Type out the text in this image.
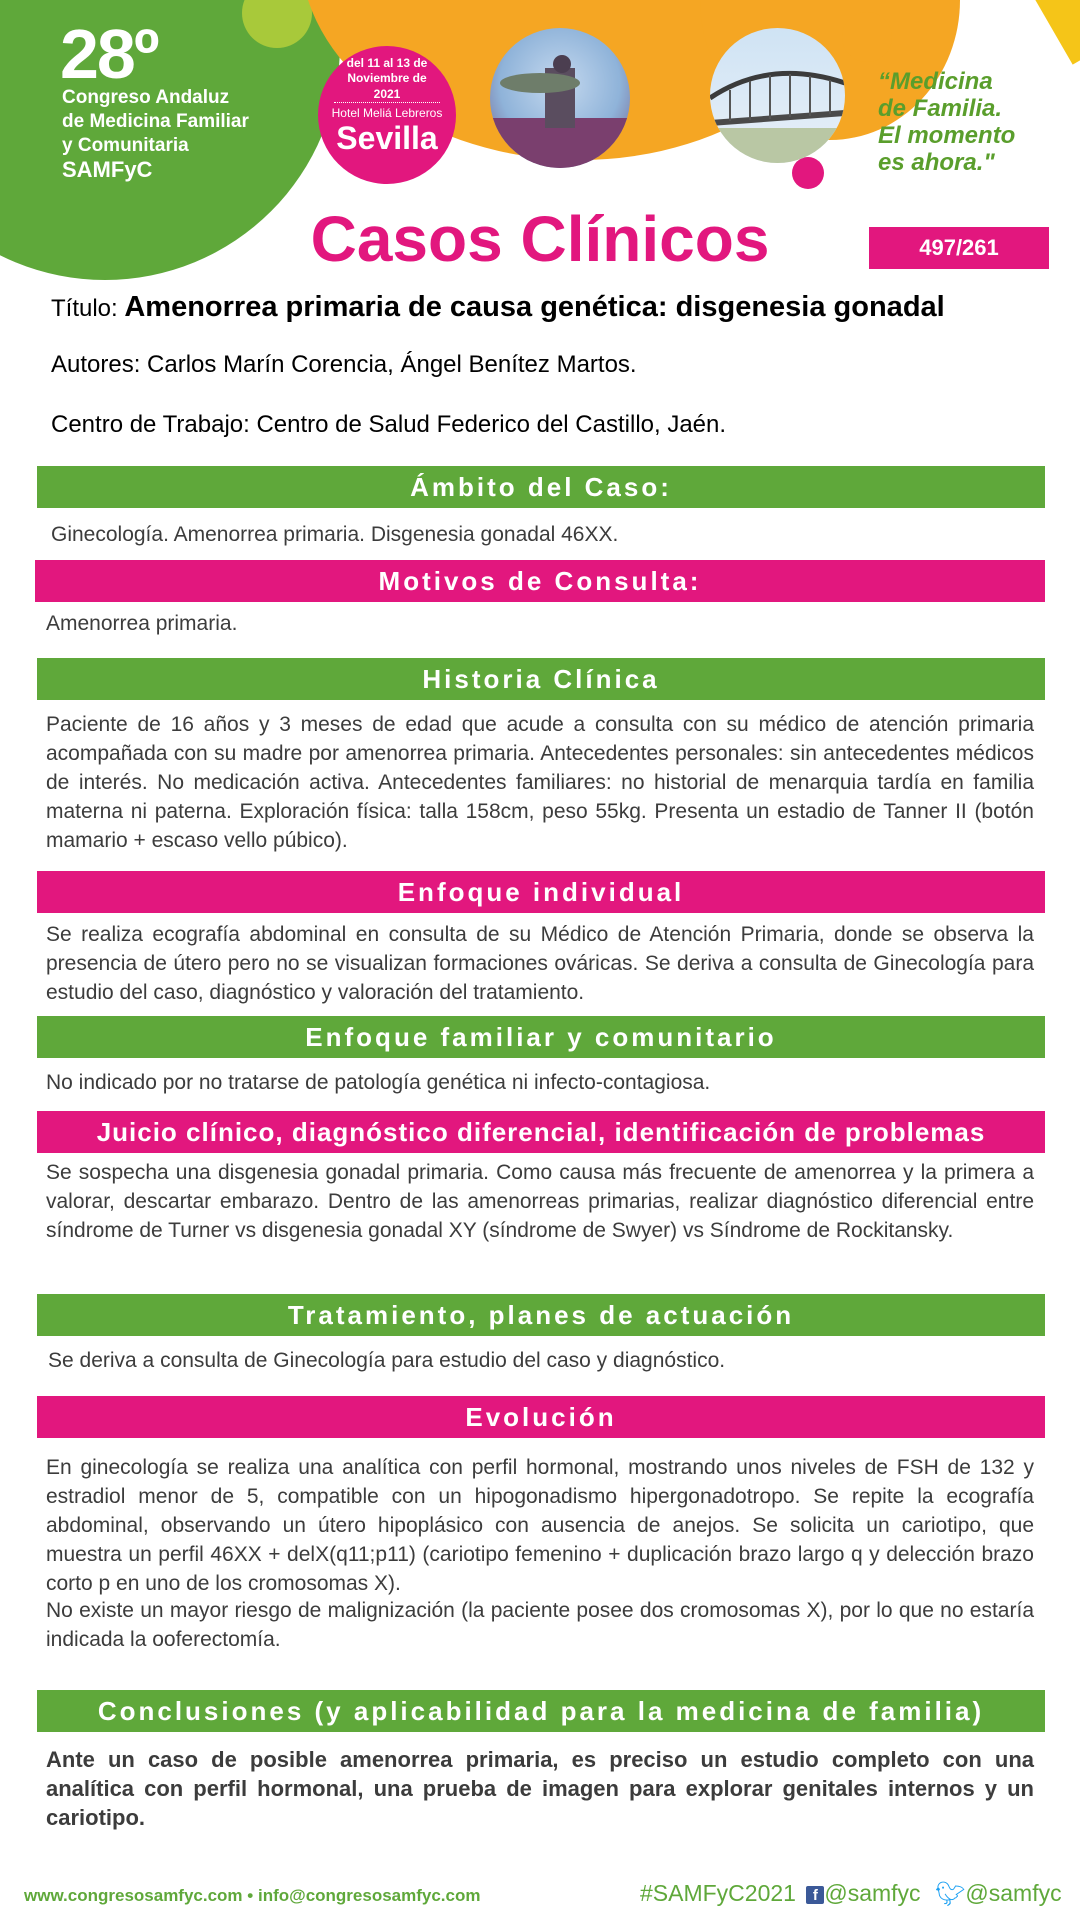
28º
Congreso Andaluz
de Medicina Familiar
y Comunitaria
SAMFyC
del 11 al 13 de
Noviembre de 2021
Hotel Meliá Lebreros
Sevilla
“Medicina
de Familia.
El momento
es ahora."
Casos Clínicos	497/261
Título: Amenorrea primaria de causa genética: disgenesia gonadal
Autores: Carlos Marín Corencia, Ángel Benítez Martos.
Centro de Trabajo: Centro de Salud Federico del Castillo, Jaén.
Ámbito del Caso:
Ginecología. Amenorrea primaria. Disgenesia gonadal 46XX.
Motivos de Consulta:
Amenorrea primaria.
Historia Clínica
Paciente de 16 años y 3 meses de edad que acude a consulta con su médico de atención primaria acompañada con su madre por amenorrea primaria. Antecedentes personales: sin antecedentes médicos de interés. No medicación activa. Antecedentes familiares: no historial de menarquia tardía en familia materna ni paterna. Exploración física: talla 158cm, peso 55kg. Presenta un estadio de Tanner II (botón mamario + escaso vello púbico).
Enfoque individual
Se realiza ecografía abdominal en consulta de su Médico de Atención Primaria, donde se observa la presencia de útero pero no se visualizan formaciones ováricas. Se deriva a consulta de Ginecología para estudio del caso, diagnóstico y valoración del tratamiento.
Enfoque familiar y comunitario
No indicado por no tratarse de patología genética ni infecto-contagiosa.
Juicio clínico, diagnóstico diferencial, identificación de problemas
Se sospecha una disgenesia gonadal primaria. Como causa más frecuente de amenorrea y la primera a valorar, descartar embarazo. Dentro de las amenorreas primarias, realizar diagnóstico diferencial entre síndrome de Turner vs disgenesia gonadal XY (síndrome de Swyer) vs Síndrome de Rockitansky.
Tratamiento, planes de actuación
Se deriva a consulta de Ginecología para estudio del caso y diagnóstico.
Evolución

En ginecología se realiza una analítica con perfil hormonal, mostrando unos niveles de FSH de 132 y estradiol menor de 5, compatible con un hipogonadismo hipergonadotropo. Se repite la ecografía abdominal, observando un útero hipoplásico con ausencia de anejos. Se solicita un cariotipo, que muestra un perfil 46XX + delX(q11;p11) (cariotipo femenino + duplicación brazo largo q y delección brazo corto p en uno de los cromosomas X).

No existe un mayor riesgo de malignización (la paciente posee dos cromosomas X), por lo que no estaría indicada la ooferectomía.

Conclusiones (y aplicabilidad para la medicina de familia)
Ante un caso de posible amenorrea primaria, es preciso un estudio completo con una analítica con perfil hormonal, una prueba de imagen para explorar genitales internos y un cariotipo.
www.congresosamfyc.com • info@congresosamfyc.com	#SAMFyC2021 f @samfyc 🐦︎@samfyc
